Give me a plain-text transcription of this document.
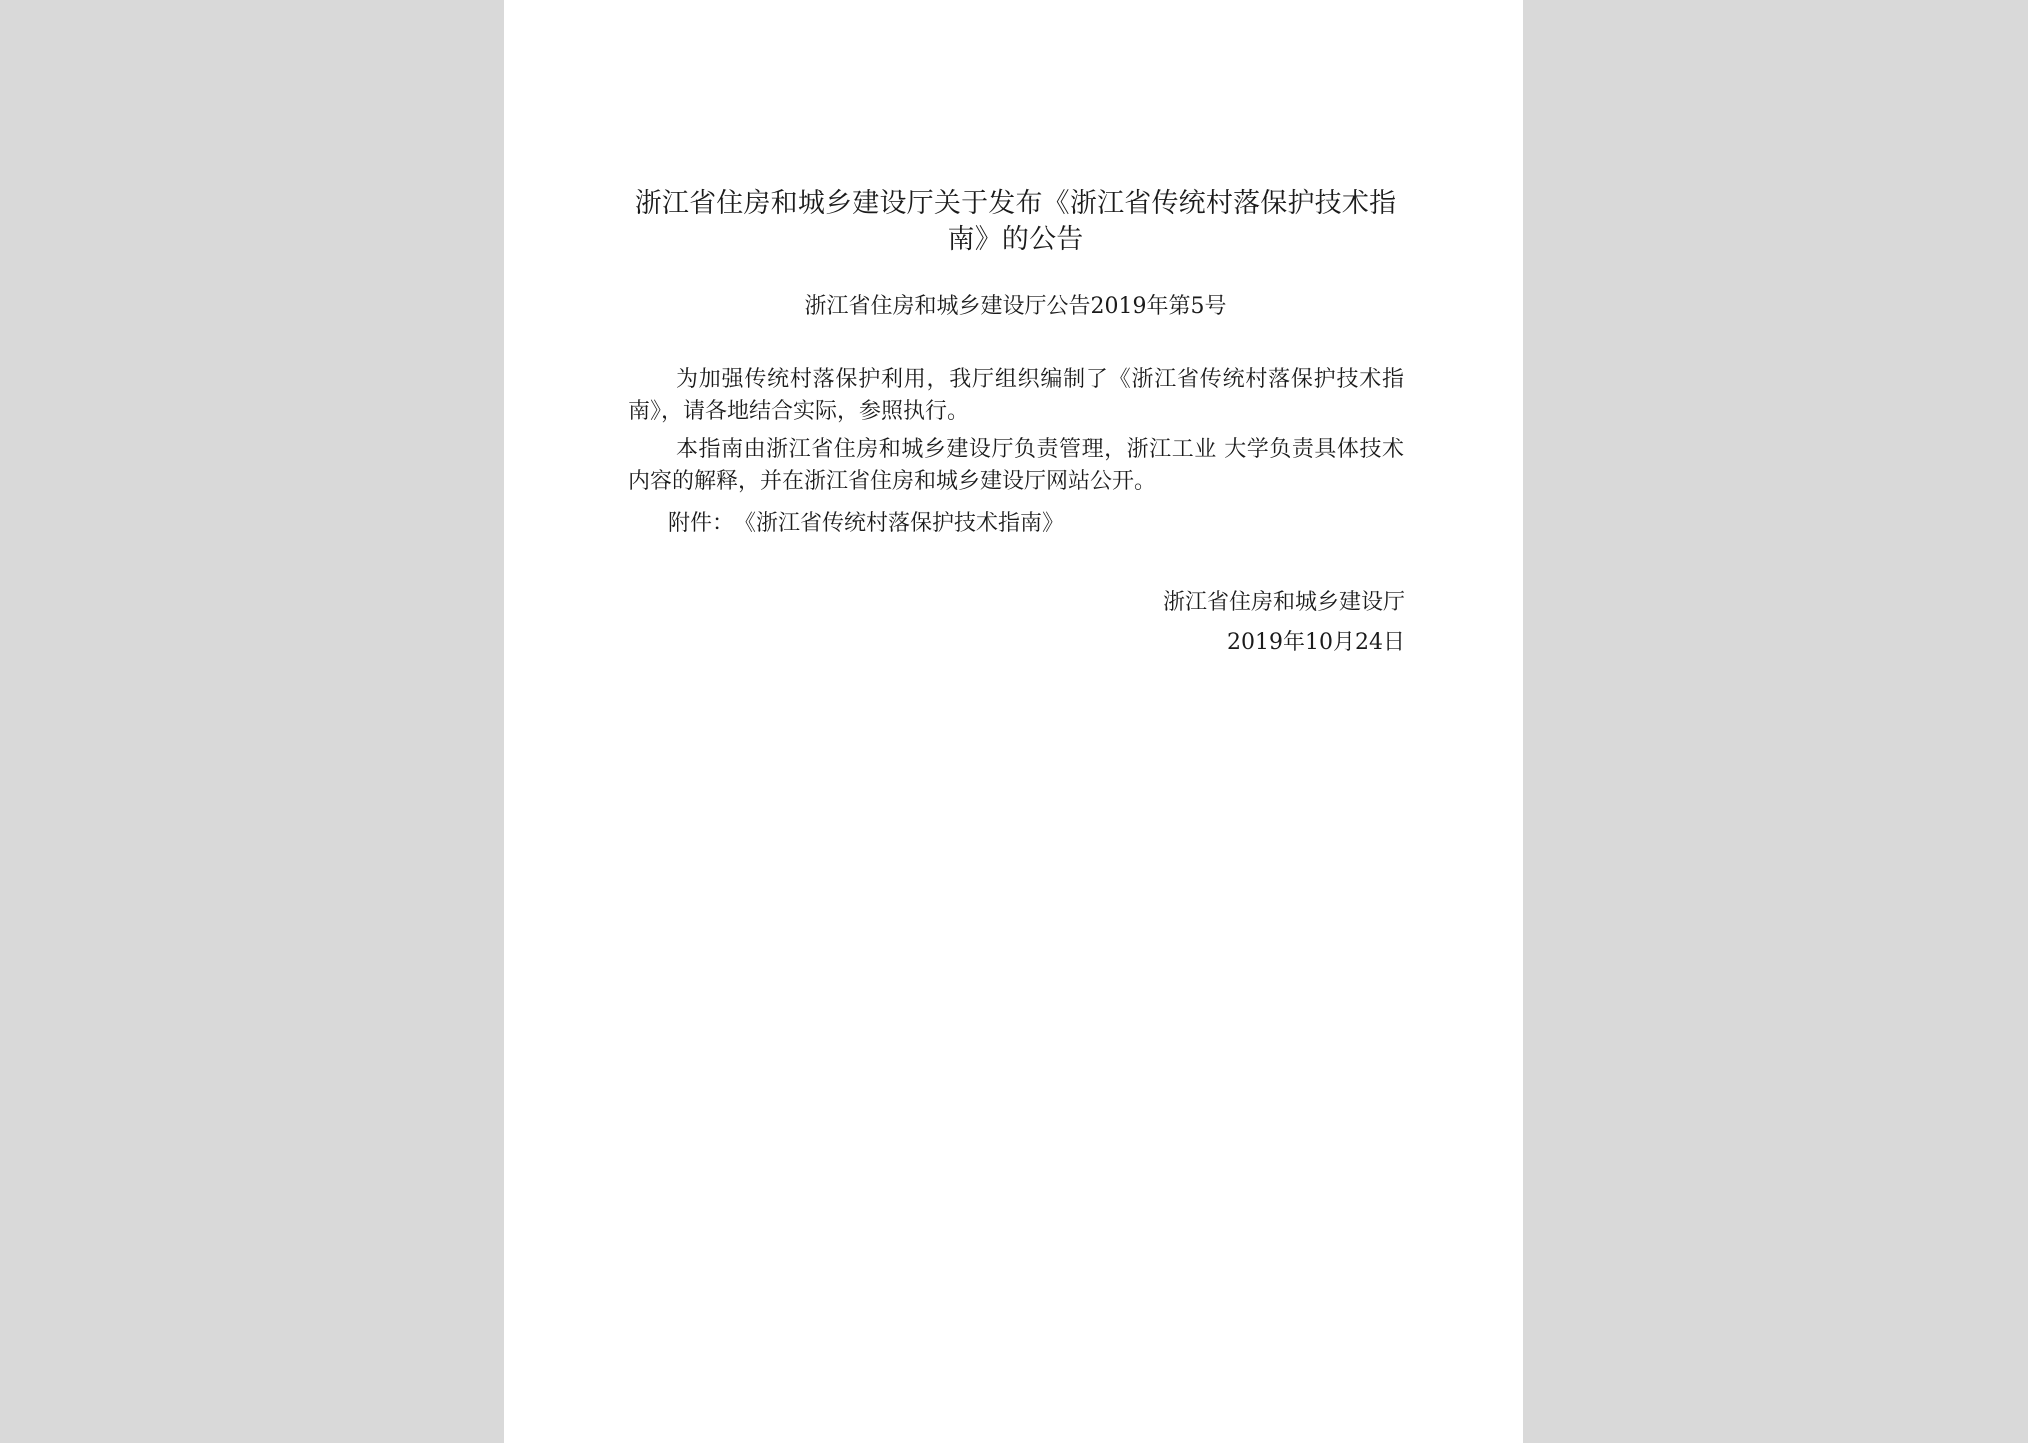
浙江省住房和城乡建设厅关于发布《浙江省传统村落保护技术指南》的公告
浙江省住房和城乡建设厅公告2019年第5号
为加强传统村落保护利用，我厅组织编制了《浙江省传统村落保护技术指南》，请各地结合实际，参照执行。
本指南由浙江省住房和城乡建设厅负责管理，浙江工业 大学负责具体技术内容的解释，并在浙江省住房和城乡建设厅网站公开。
附件：《浙江省传统村落保护技术指南》
浙江省住房和城乡建设厅
2019年10月24日
